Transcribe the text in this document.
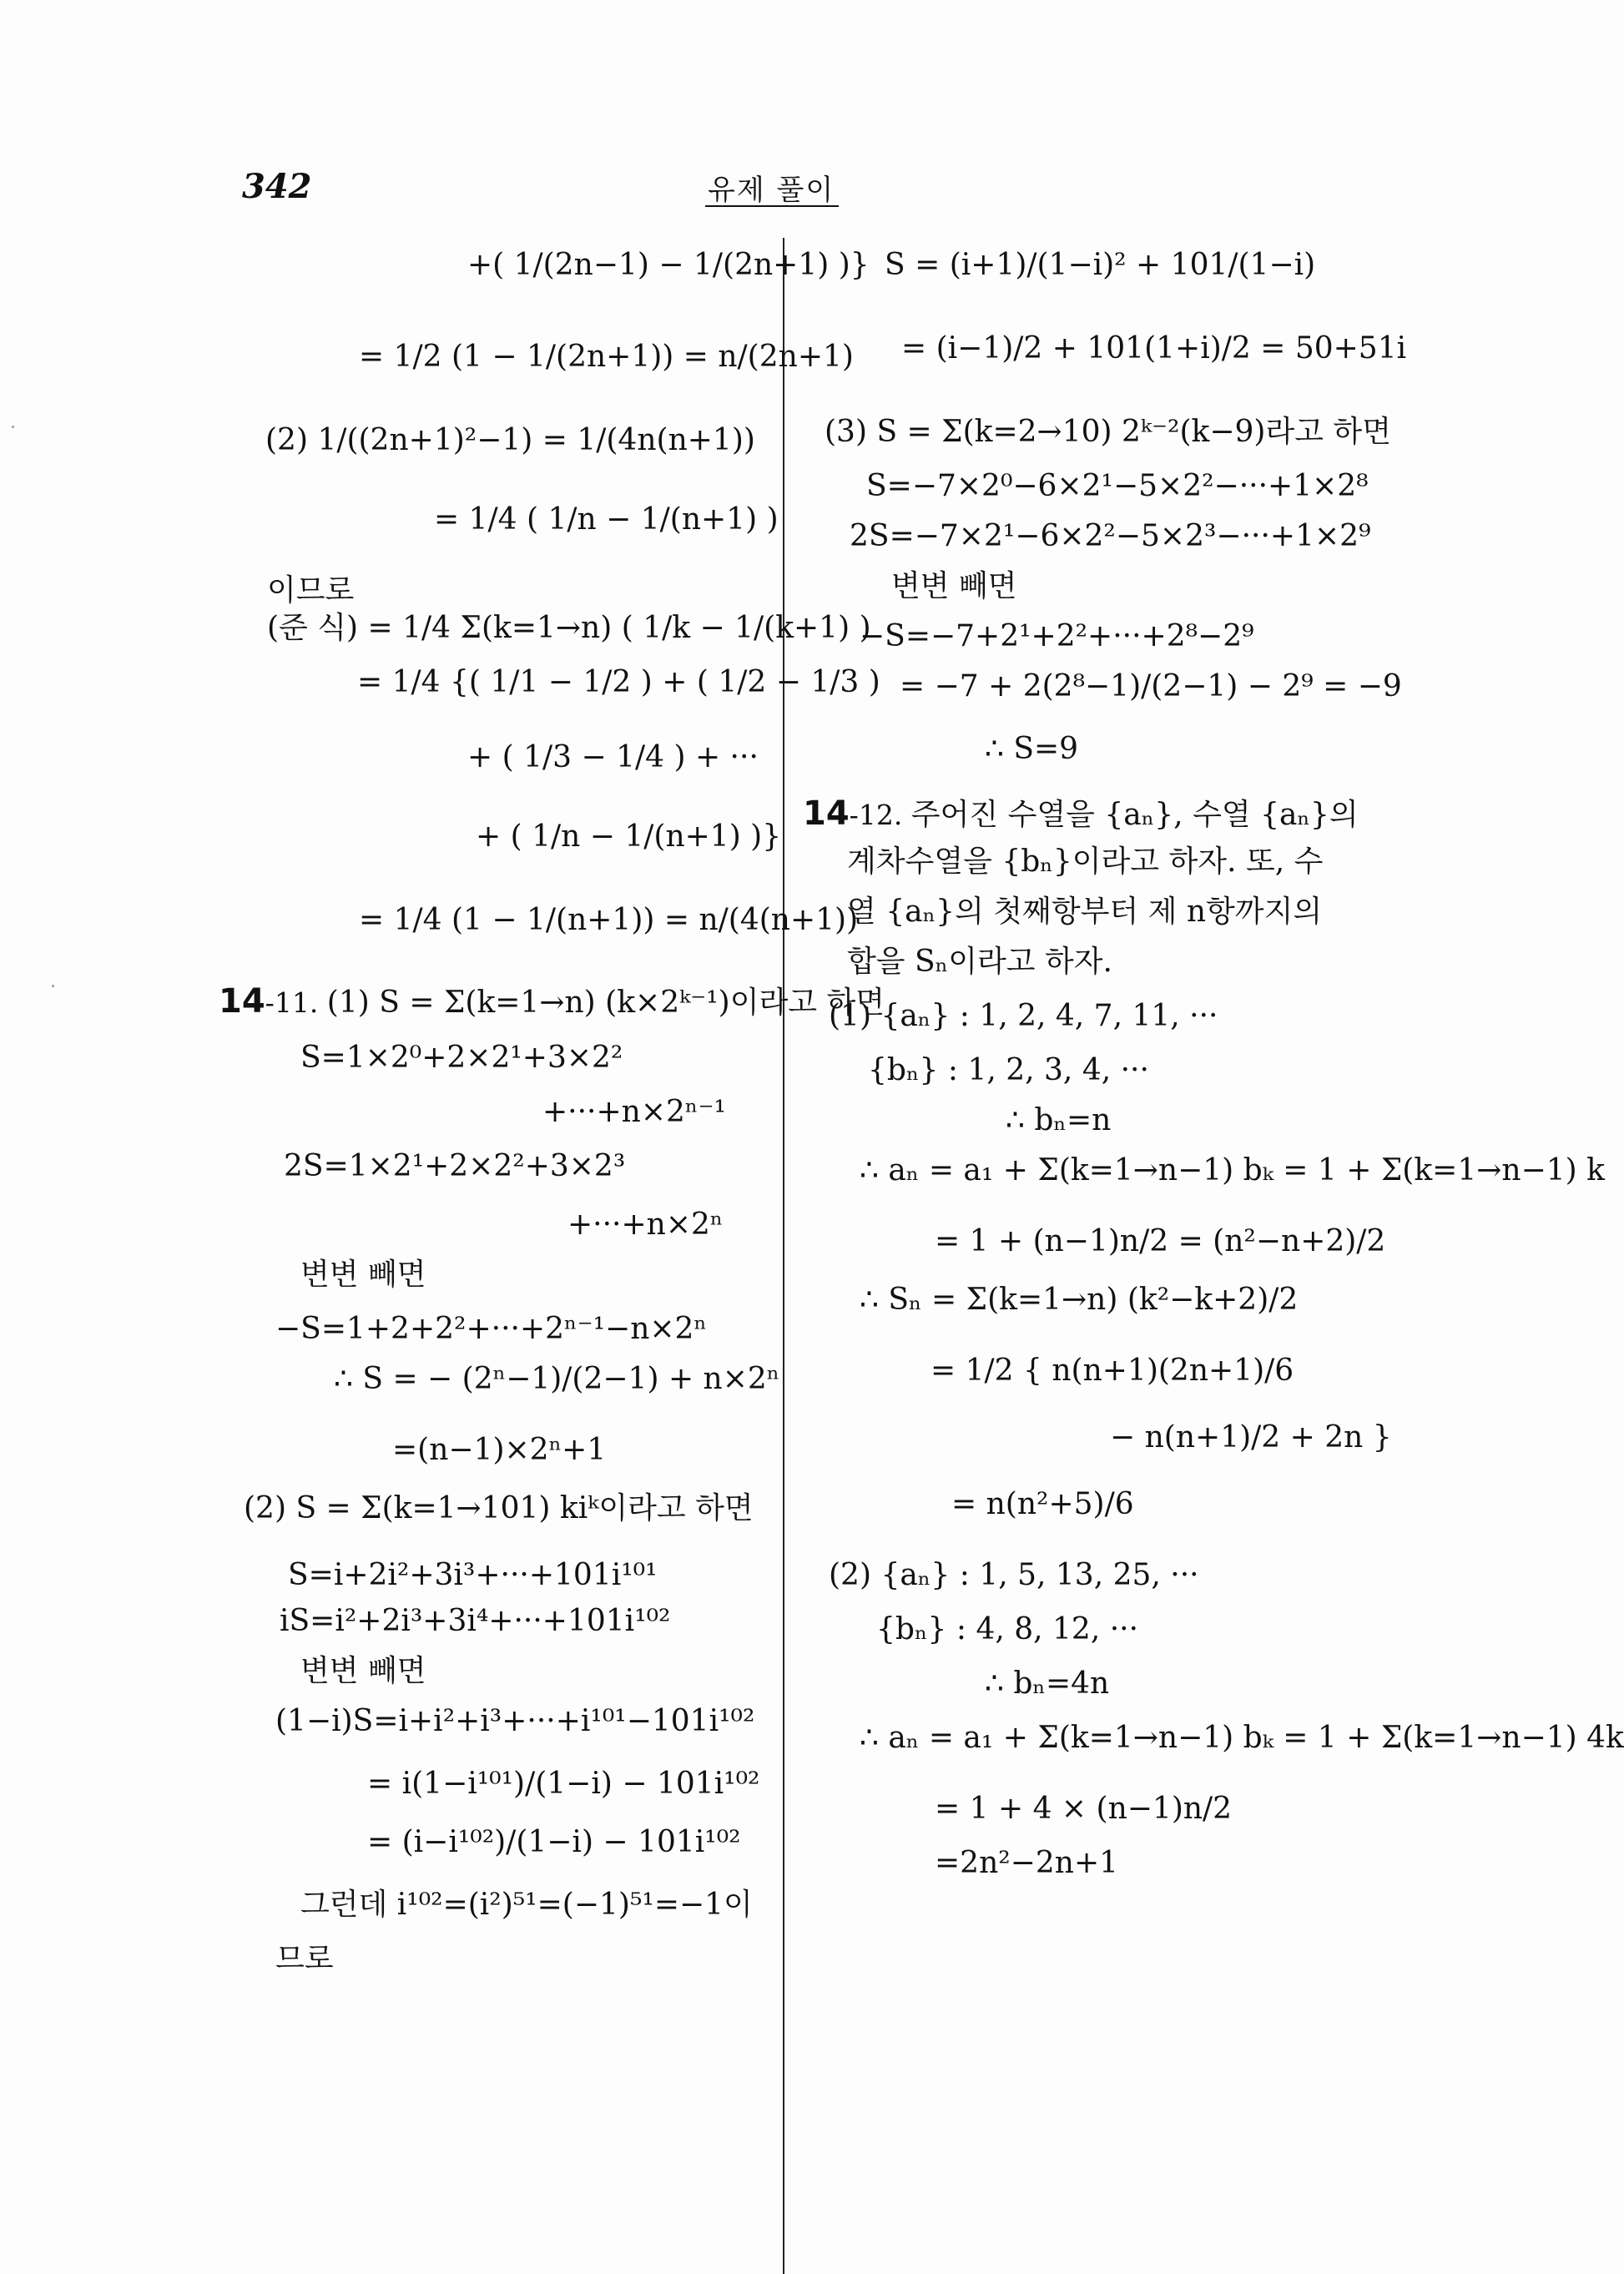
342	유제 풀이
+( 1/(2n−1) − 1/(2n+1) )}
= 1/2 (1 − 1/(2n+1)) = n/(2n+1)
(2) 1/((2n+1)²−1) = 1/(4n(n+1))
= 1/4 ( 1/n − 1/(n+1) )
이므로
(준 식) = 1/4 Σ(k=1→n) ( 1/k − 1/(k+1) )
= 1/4 {( 1/1 − 1/2 ) + ( 1/2 − 1/3 )
+ ( 1/3 − 1/4 ) + ···
+ ( 1/n − 1/(n+1) )}
= 1/4 (1 − 1/(n+1)) = n/(4(n+1))
14-11. (1) S = Σ(k=1→n) (k×2ᵏ⁻¹)이라고 하면
S=1×2⁰+2×2¹+3×2²
+···+n×2ⁿ⁻¹
2S=1×2¹+2×2²+3×2³
+···+n×2ⁿ
변변 빼면
−S=1+2+2²+···+2ⁿ⁻¹−n×2ⁿ
∴ S = − (2ⁿ−1)/(2−1) + n×2ⁿ
=(n−1)×2ⁿ+1
(2) S = Σ(k=1→101) kiᵏ이라고 하면
S=i+2i²+3i³+···+101i¹⁰¹
iS=i²+2i³+3i⁴+···+101i¹⁰²
변변 빼면
(1−i)S=i+i²+i³+···+i¹⁰¹−101i¹⁰²
= i(1−i¹⁰¹)/(1−i) − 101i¹⁰²
= (i−i¹⁰²)/(1−i) − 101i¹⁰²
그런데 i¹⁰²=(i²)⁵¹=(−1)⁵¹=−1이
므로
S = (i+1)/(1−i)² + 101/(1−i)
= (i−1)/2 + 101(1+i)/2 = 50+51i
(3) S = Σ(k=2→10) 2ᵏ⁻²(k−9)라고 하면
S=−7×2⁰−6×2¹−5×2²−···+1×2⁸
2S=−7×2¹−6×2²−5×2³−···+1×2⁹
변변 빼면
−S=−7+2¹+2²+···+2⁸−2⁹
= −7 + 2(2⁸−1)/(2−1) − 2⁹ = −9
∴ S=9
14-12. 주어진 수열을 {aₙ}, 수열 {aₙ}의
계차수열을 {bₙ}이라고 하자. 또, 수
열 {aₙ}의 첫째항부터 제 n항까지의
합을 Sₙ이라고 하자.
(1) {aₙ} : 1, 2, 4, 7, 11, ···
{bₙ} : 1, 2, 3, 4, ···
∴ bₙ=n
∴ aₙ = a₁ + Σ(k=1→n−1) bₖ = 1 + Σ(k=1→n−1) k
= 1 + (n−1)n/2 = (n²−n+2)/2
∴ Sₙ = Σ(k=1→n) (k²−k+2)/2
= 1/2 { n(n+1)(2n+1)/6
− n(n+1)/2 + 2n }
= n(n²+5)/6
(2) {aₙ} : 1, 5, 13, 25, ···
{bₙ} : 4, 8, 12, ···
∴ bₙ=4n
∴ aₙ = a₁ + Σ(k=1→n−1) bₖ = 1 + Σ(k=1→n−1) 4k
= 1 + 4 × (n−1)n/2
=2n²−2n+1
